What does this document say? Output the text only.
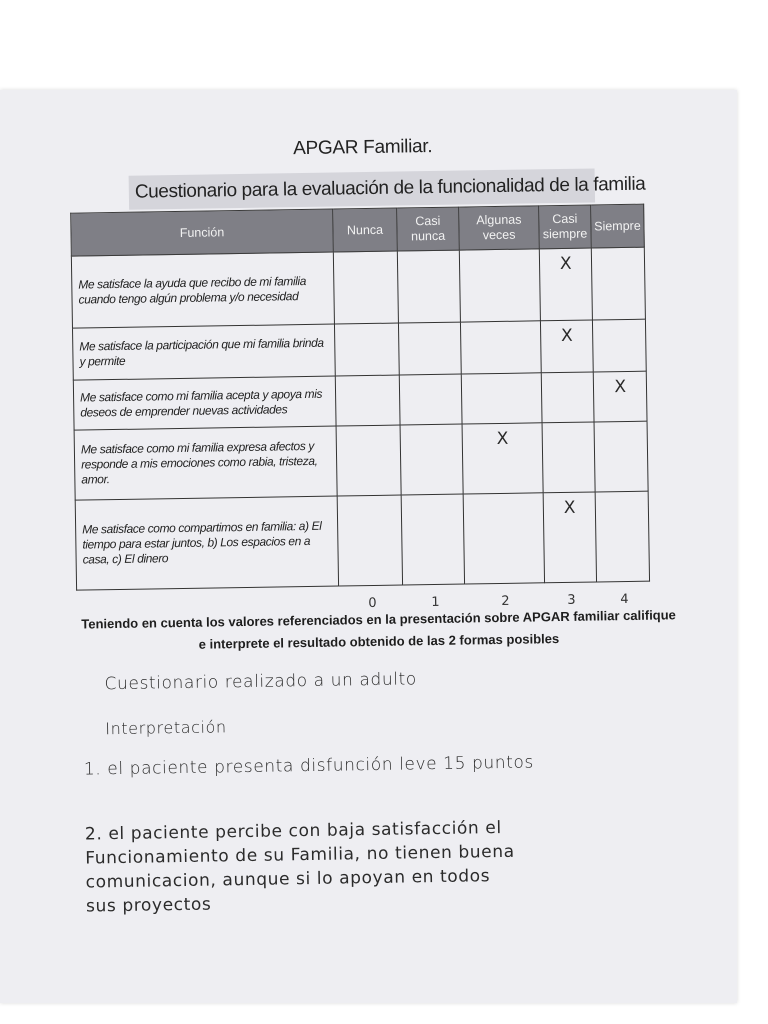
APGAR Familiar.
Cuestionario para la evaluación de la funcionalidad de la familia
Función	Nunca	Casi nunca	Algunas veces	Casi siempre	Siempre
Me satisface la ayuda que recibo de mi familia cuando tengo algún problema y/o necesidad				X	
Me satisface la participación que mi familia brinda y permite				X	
Me satisface como mi familia acepta y apoya mis deseos de emprender nuevas actividades					X
Me satisface como mi familia expresa afectos y responde a mis emociones como rabia, tristeza, amor.			X		
Me satisface como compartimos en familia: a) El tiempo para estar juntos, b) Los espacios en a casa, c) El dinero				X	
0	1	2	3	4
Teniendo en cuenta los valores referenciados en la presentación sobre APGAR familiar califique
e interprete el resultado obtenido de las 2 formas posibles
Cuestionario realizado a un adulto
Interpretación
1. el paciente presenta disfunción leve 15 puntos
2. el paciente percibe con baja satisfacción el
Funcionamiento de su Familia, no tienen buena
comunicacion, aunque si lo apoyan en todos
sus proyectos
